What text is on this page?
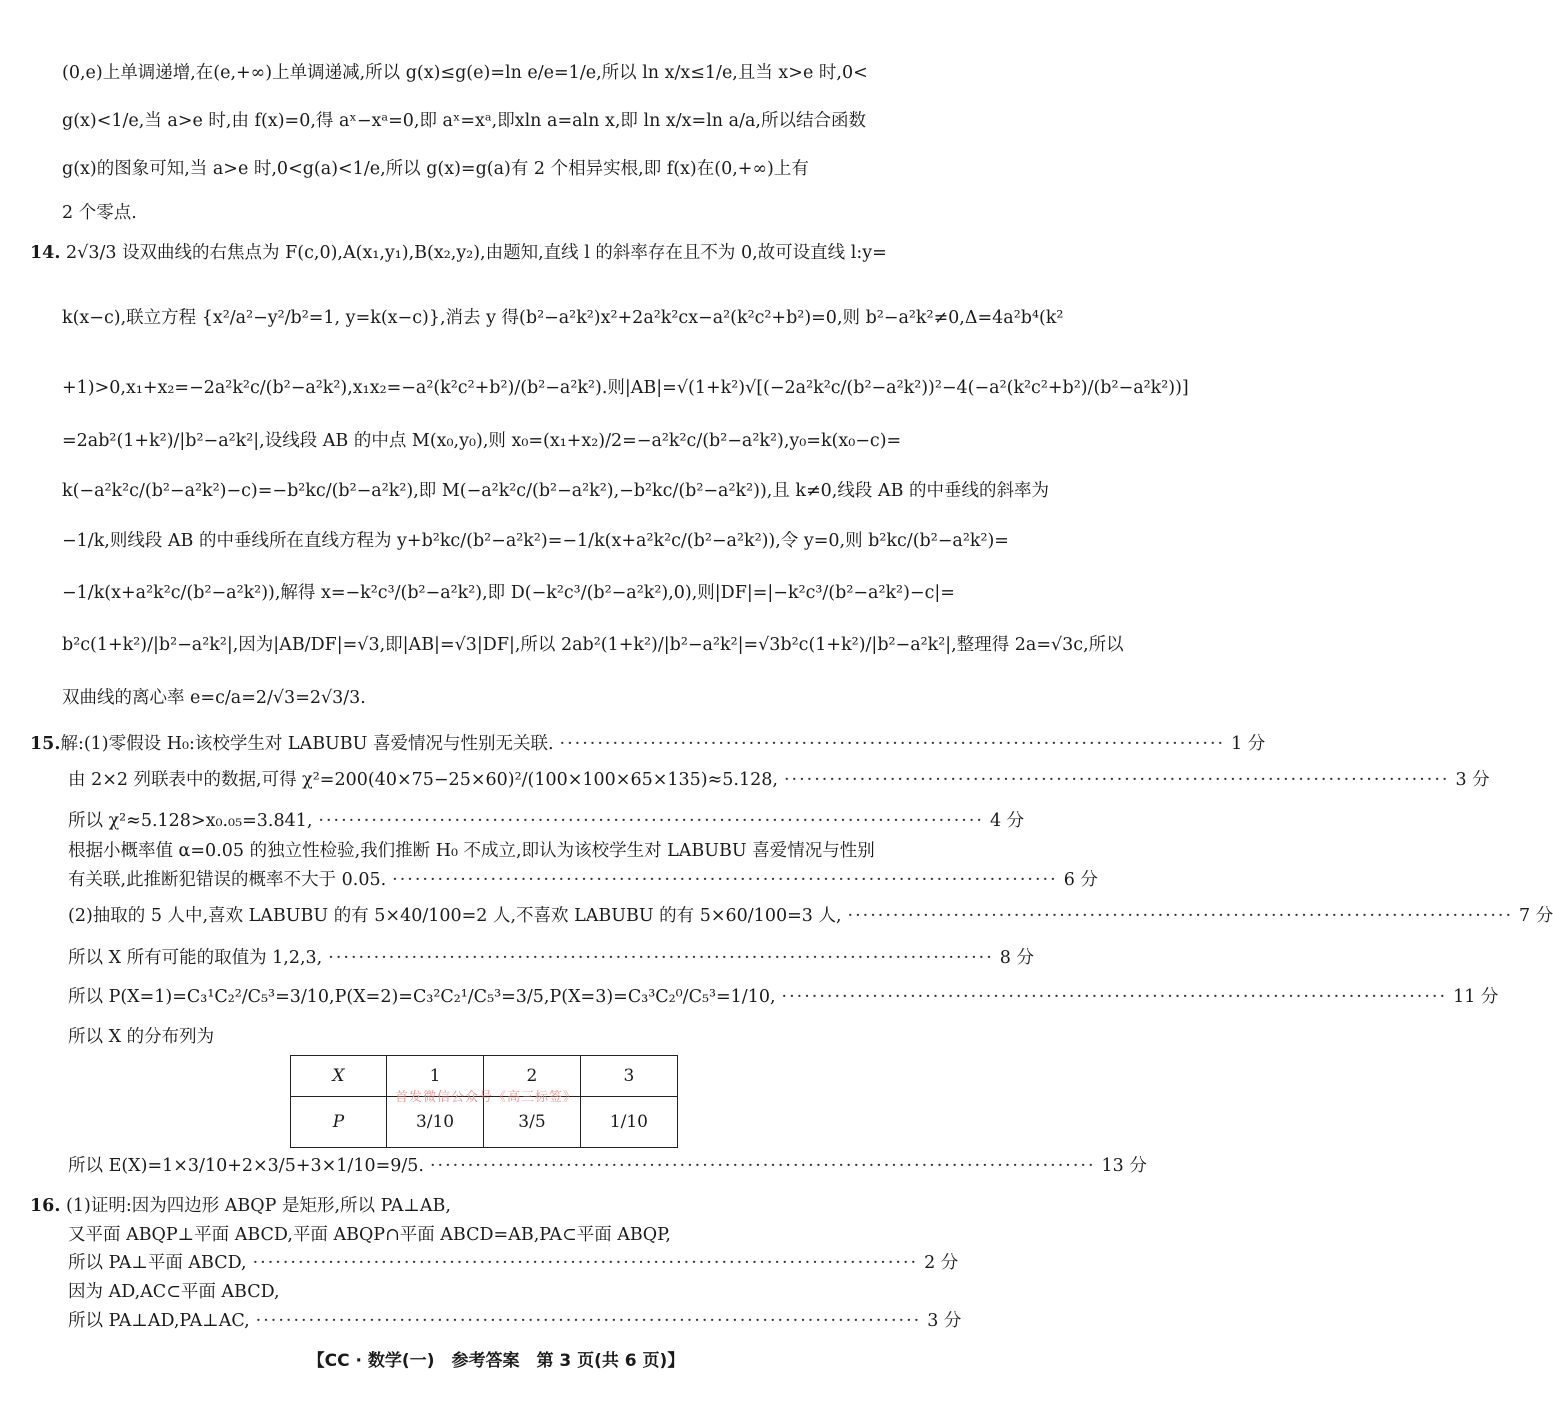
(0,e)上单调递增,在(e,+∞)上单调递减,所以 g(x)≤g(e)=ln e/e=1/e,所以 ln x/x≤1/e,且当 x>e 时,0<
g(x)<1/e,当 a>e 时,由 f(x)=0,得 aˣ−xᵃ=0,即 aˣ=xᵃ,即xln a=aln x,即 ln x/x=ln a/a,所以结合函数
g(x)的图象可知,当 a>e 时,0<g(a)<1/e,所以 g(x)=g(a)有 2 个相异实根,即 f(x)在(0,+∞)上有
2 个零点.
14. 2√3/3 设双曲线的右焦点为 F(c,0),A(x₁,y₁),B(x₂,y₂),由题知,直线 l 的斜率存在且不为 0,故可设直线 l:y=
k(x−c),联立方程 {x²/a²−y²/b²=1, y=k(x−c)},消去 y 得(b²−a²k²)x²+2a²k²cx−a²(k²c²+b²)=0,则 b²−a²k²≠0,Δ=4a²b⁴(k²
+1)>0,x₁+x₂=−2a²k²c/(b²−a²k²),x₁x₂=−a²(k²c²+b²)/(b²−a²k²).则|AB|=√(1+k²)√[(−2a²k²c/(b²−a²k²))²−4(−a²(k²c²+b²)/(b²−a²k²))]
=2ab²(1+k²)/|b²−a²k²|,设线段 AB 的中点 M(x₀,y₀),则 x₀=(x₁+x₂)/2=−a²k²c/(b²−a²k²),y₀=k(x₀−c)=
k(−a²k²c/(b²−a²k²)−c)=−b²kc/(b²−a²k²),即 M(−a²k²c/(b²−a²k²),−b²kc/(b²−a²k²)),且 k≠0,线段 AB 的中垂线的斜率为
−1/k,则线段 AB 的中垂线所在直线方程为 y+b²kc/(b²−a²k²)=−1/k(x+a²k²c/(b²−a²k²)),令 y=0,则 b²kc/(b²−a²k²)=
−1/k(x+a²k²c/(b²−a²k²)),解得 x=−k²c³/(b²−a²k²),即 D(−k²c³/(b²−a²k²),0),则|DF|=|−k²c³/(b²−a²k²)−c|=
b²c(1+k²)/|b²−a²k²|,因为|AB/DF|=√3,即|AB|=√3|DF|,所以 2ab²(1+k²)/|b²−a²k²|=√3b²c(1+k²)/|b²−a²k²|,整理得 2a=√3c,所以
双曲线的离心率 e=c/a=2/√3=2√3/3.
15. 解:(1)零假设 H₀:该校学生对 LABUBU 喜爱情况与性别无关联. ························································································ 1 分
由 2×2 列联表中的数据,可得 χ²=200(40×75−25×60)²/(100×100×65×135)≈5.128, ························································································ 3 分
所以 χ²≈5.128>x₀.₀₅=3.841, ························································································ 4 分
根据小概率值 α=0.05 的独立性检验,我们推断 H₀ 不成立,即认为该校学生对 LABUBU 喜爱情况与性别
有关联,此推断犯错误的概率不大于 0.05. ························································································ 6 分
(2)抽取的 5 人中,喜欢 LABUBU 的有 5×40/100=2 人,不喜欢 LABUBU 的有 5×60/100=3 人, ························································································ 7 分
所以 X 所有可能的取值为 1,2,3, ························································································ 8 分
所以 P(X=1)=C₃¹C₂²/C₅³=3/10,P(X=2)=C₃²C₂¹/C₅³=3/5,P(X=3)=C₃³C₂⁰/C₅³=1/10, ························································································ 11 分
所以 X 的分布列为
X	1	2	3
P	3/10	3/5	1/10
首发微信公众号《高三标签》
所以 E(X)=1×3/10+2×3/5+3×1/10=9/5. ························································································ 13 分
16. (1)证明:因为四边形 ABQP 是矩形,所以 PA⊥AB,
又平面 ABQP⊥平面 ABCD,平面 ABQP∩平面 ABCD=AB,PA⊂平面 ABQP,
所以 PA⊥平面 ABCD, ························································································ 2 分
因为 AD,AC⊂平面 ABCD,
所以 PA⊥AD,PA⊥AC, ························································································ 3 分
【CC · 数学(一)　参考答案　第 3 页(共 6 页)】
